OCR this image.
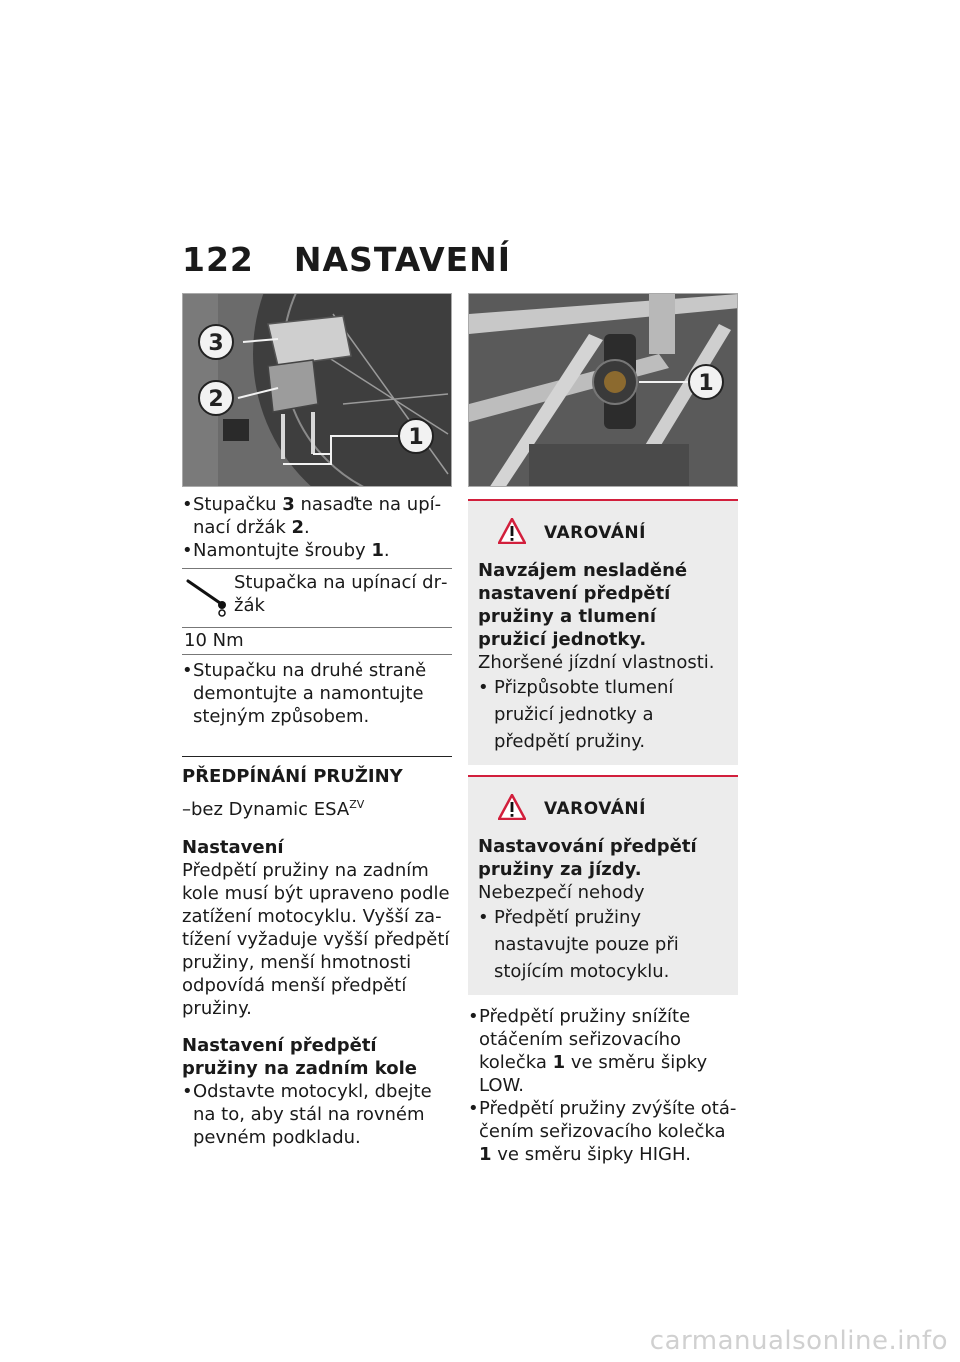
122 NASTAVENÍ
3
2
1
• Stupačku 3 nasaďte na upínací držák 2.
• Namontujte šrouby 1.
Stupačka na upínací držák
10 Nm
• Stupačku na druhé straně demontujte a namontujte stejným způsobem.
PŘEDPÍNÁNÍ PRUŽINY
–bez Dynamic $ESA^{ZV}$
Nastavení
Předpětí pružiny na zadním kole musí být upraveno podle zatížení motocyklu. Vyšší zatížení vyžaduje vyšší předpětí pružiny, menší hmotnosti odpovídá menší předpětí pružiny.
Nastavení předpětí pružiny na zadním kole
• Odstavte motocykl, dbejte na to, aby stál na rovném pevném podkladu.
1
VAROVÁNÍ
Navzájem nesladěné nastavení předpětí pružiny a tlumení pružicí jednotky.
Zhoršené jízdní vlastnosti.
• Přizpůsobte tlumení pružicí jednotky a předpětí pružiny.
VAROVÁNÍ
Nastavování předpětí pružiny za jízdy.
Nebezpečí nehody
• Předpětí pružiny nastavujte pouze při stojícím motocyklu.
• Předpětí pružiny snížíte otáčením seřizovacího kolečka 1 ve směru šipky LOW.
• Předpětí pružiny zvýšíte otáčením seřizovacího kolečka 1 ve směru šipky HIGH.
carmanualsonline.info
